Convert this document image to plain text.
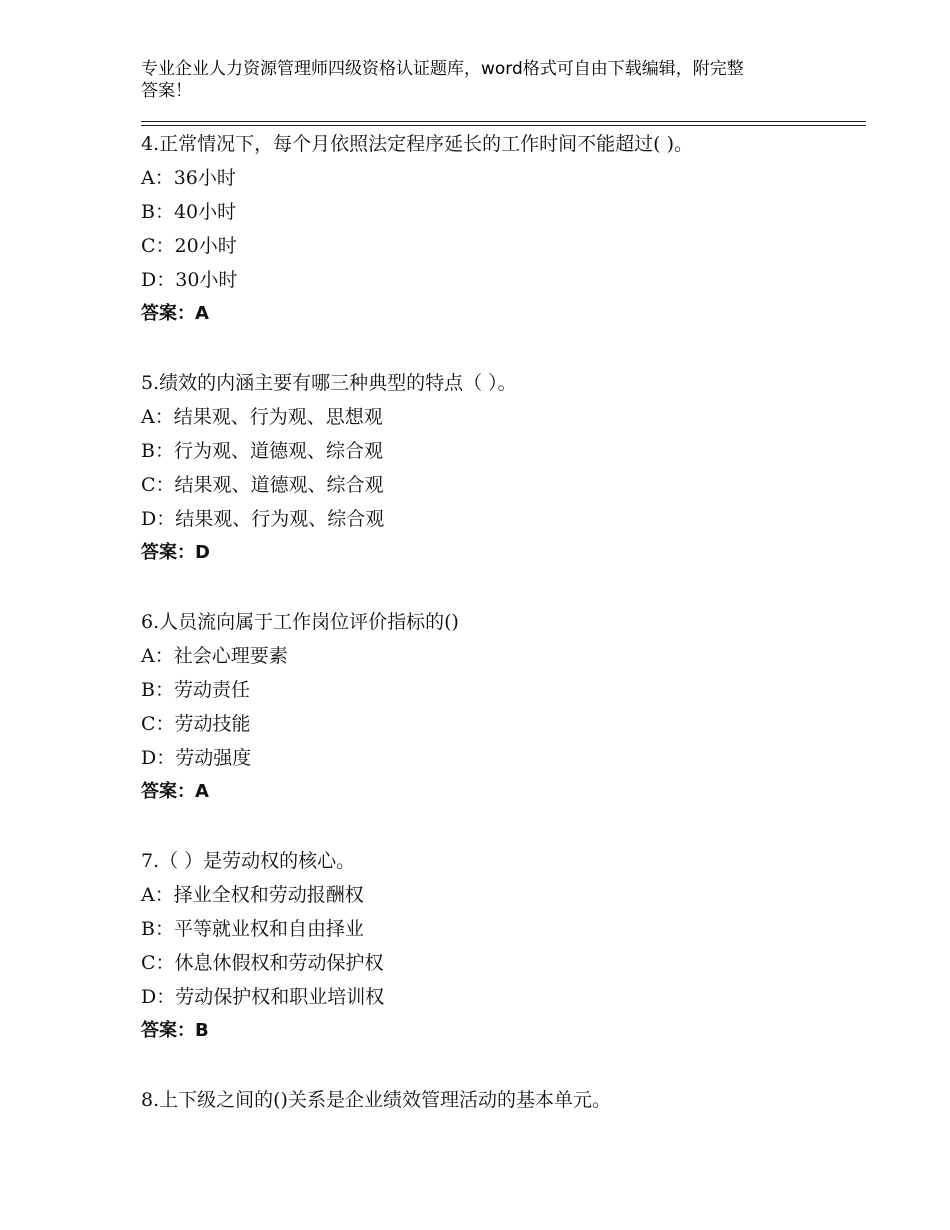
专业企业人力资源管理师四级资格认证题库，word格式可自由下载编辑，附完整
答案！
4.正常情况下，每个月依照法定程序延长的工作时间不能超过( )。
A：36小时
B：40小时
C：20小时
D：30小时
答案：A
5.绩效的内涵主要有哪三种典型的特点（ ）。
A：结果观、行为观、思想观
B：行为观、道德观、综合观
C：结果观、道德观、综合观
D：结果观、行为观、综合观
答案：D
6.人员流向属于工作岗位评价指标的()
A：社会心理要素
B：劳动责任
C：劳动技能
D：劳动强度
答案：A
7.（ ）是劳动权的核心。
A：择业全权和劳动报酬权
B：平等就业权和自由择业
C：休息休假权和劳动保护权
D：劳动保护权和职业培训权
答案：B
8.上下级之间的()关系是企业绩效管理活动的基本单元。
